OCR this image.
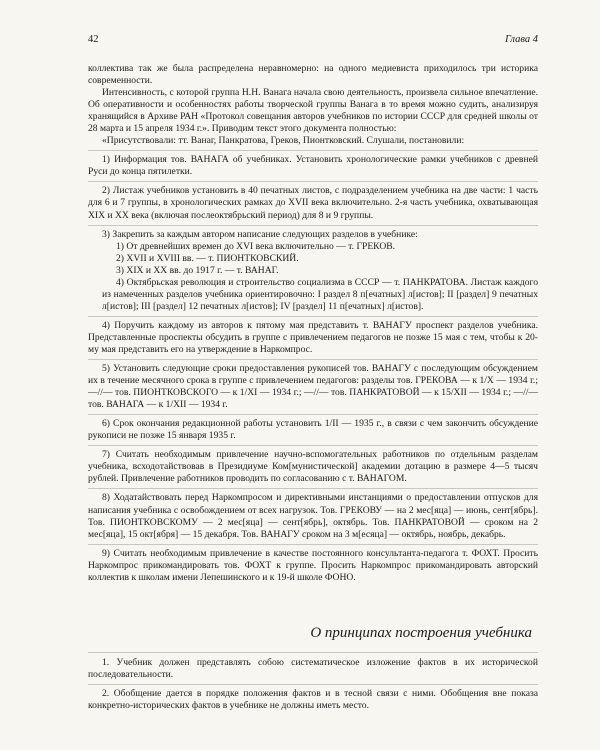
42	Глава 4

коллектива так же была распределена неравномерно: на одного медиевиста приходилось три историка современности.

Интенсивность, с которой группа Н.Н. Ванага начала свою деятельность, произвела сильное впечатление. Об оперативности и особенностях работы творческой группы Ванага в то время можно судить, анализируя хранящийся в Архиве РАН «Протокол совещания авторов учебников по истории СССР для средней школы от 28 марта и 15 апреля 1934 г.». Приводим текст этого документа полностью:

«Присутствовали: тт. Ванаг, Панкратова, Греков, Пионтковский. Слушали, постановили:

1) Информация тов. ВАНАГА об учебниках. Установить хронологические рамки учебников с древней Руси до конца пятилетки.

2) Листаж учебников установить в 40 печатных листов, с подразделением учебника на две части: 1 часть для 6 и 7 группы, в хронологических рамках до XVII века включительно. 2-я часть учебника, охватывающая XIX и XX века (включая послеоктябрьский период) для 8 и 9 группы.

3) Закрепить за каждым автором написание следующих разделов в учебнике:

1) От древнейших времен до XVI века включительно — т. ГРЕКОВ.

2) XVII и XVIII вв. — т. ПИОНТКОВСКИЙ.

3) XIX и XX вв. до 1917 г. — т. ВАНАГ.

4) Октябрьская революция и строительство социализма в СССР — т. ПАНКРАТОВА. Листаж каждого из намеченных разделов учебника ориентировочно: I раздел 8 п[ечатных] л[истов]; II [раздел] 9 печатных л[истов]; III [раздел] 12 печатных л[истов]; IV [раздел] 11 п[ечатных] л[истов].

4) Поручить каждому из авторов к пятому мая представить т. ВАНАГУ проспект разделов учебника. Представленные проспекты обсудить в группе с привлечением педагогов не позже 15 мая с тем, чтобы к 20-му мая представить его на утверждение в Наркомпрос.

5) Установить следующие сроки предоставления рукописей тов. ВАНАГУ с последующим обсуждением их в течение месячного срока в группе с привлечением педагогов: разделы тов. ГРЕКОВА — к 1/X — 1934 г.; —//— тов. ПИОНТКОВСКОГО — к 1/XI — 1934 г.; —//— тов. ПАНКРАТОВОЙ — к 15/XII — 1934 г.; —//— тов. ВАНАГА — к 1/XII — 1934 г.

6) Срок окончания редакционной работы установить 1/II — 1935 г., в связи с чем закончить обсуждение рукописи не позже 15 января 1935 г.

7) Считать необходимым привлечение научно-вспомогательных работников по отдельным разделам учебника, всходотайствовав в Президиуме Ком[мунистической] академии дотацию в размере 4—5 тысяч рублей. Привлечение работников проводить по согласованию с т. ВАНАГОМ.

8) Ходатайствовать перед Наркомпросом и директивными инстанциями о предоставлении отпусков для написания учебника с освобождением от всех нагрузок. Тов. ГРЕКОВУ — на 2 мес[яца] — июнь, сент[ябрь]. Тов. ПИОНТКОВСКОМУ — 2 мес[яца] — сент[ябрь], октябрь. Тов. ПАНКРАТОВОЙ — сроком на 2 мес[яца], 15 окт[ября] — 15 декабря. Тов. ВАНАГУ сроком на 3 м[есяца] — октябрь, ноябрь, декабрь.

9) Считать необходимым привлечение в качестве постоянного консультанта-педагога т. ФОХТ. Просить Наркомпрос прикомандировать тов. ФОХТ к группе. Просить Наркомпрос прикомандировать авторский коллектив к школам имени Лепешинского и к 19-й школе ФОНО.

О принципах построения учебника

1. Учебник должен представлять собою систематическое изложение фактов в их исторической последовательности.

2. Обобщение дается в порядке положения фактов и в тесной связи с ними. Обобщения вне показа конкретно-исторических фактов в учебнике не должны иметь место.
